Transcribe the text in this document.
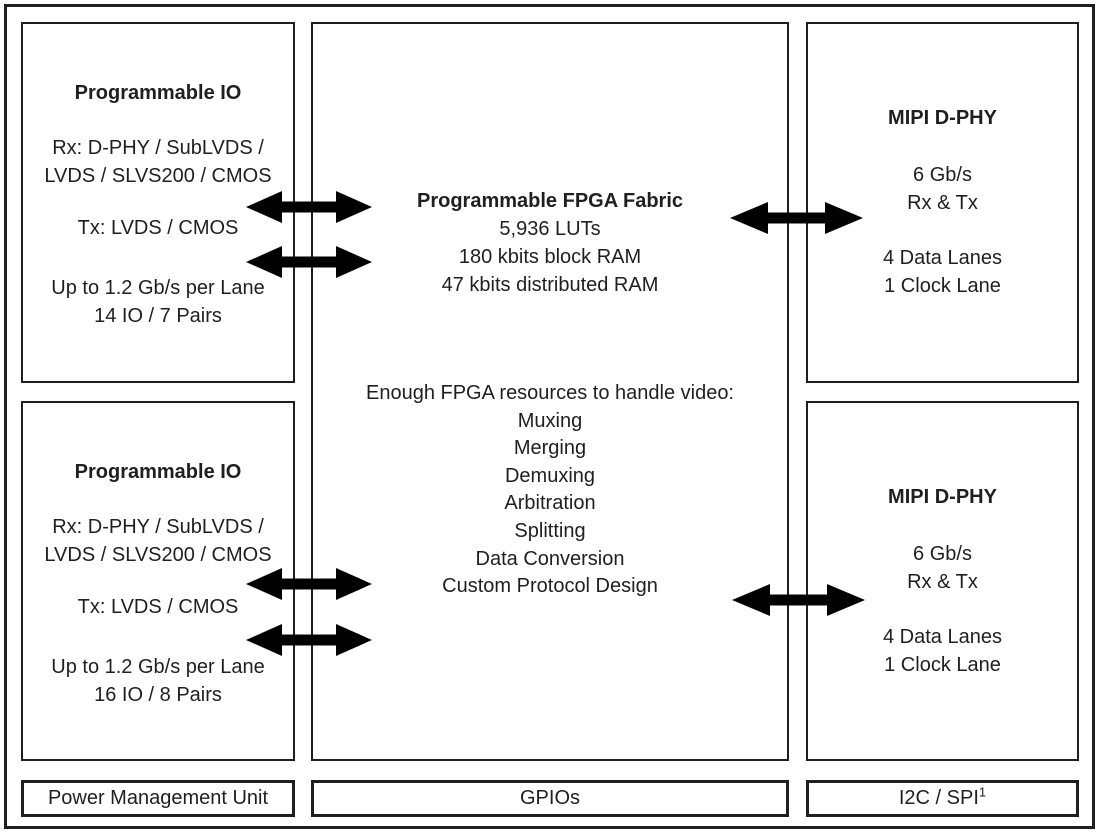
Programmable IO
Rx: D-PHY / SubLVDS /
LVDS / SLVS200 / CMOS
Tx: LVDS / CMOS
Up to 1.2 Gb/s per Lane
14 IO / 7 Pairs
Programmable IO
Rx: D-PHY / SubLVDS /
LVDS / SLVS200 / CMOS
Tx: LVDS / CMOS
Up to 1.2 Gb/s per Lane
16 IO / 8 Pairs
Programmable FPGA Fabric
5,936 LUTs
180 kbits block RAM
47 kbits distributed RAM
Enough FPGA resources to handle video:
Muxing
Merging
Demuxing
Arbitration
Splitting
Data Conversion
Custom Protocol Design
MIPI D-PHY
6 Gb/s
Rx & Tx
4 Data Lanes
1 Clock Lane
MIPI D-PHY
6 Gb/s
Rx & Tx
4 Data Lanes
1 Clock Lane
Power Management Unit	GPIOs	I2C / SPI$^1$
